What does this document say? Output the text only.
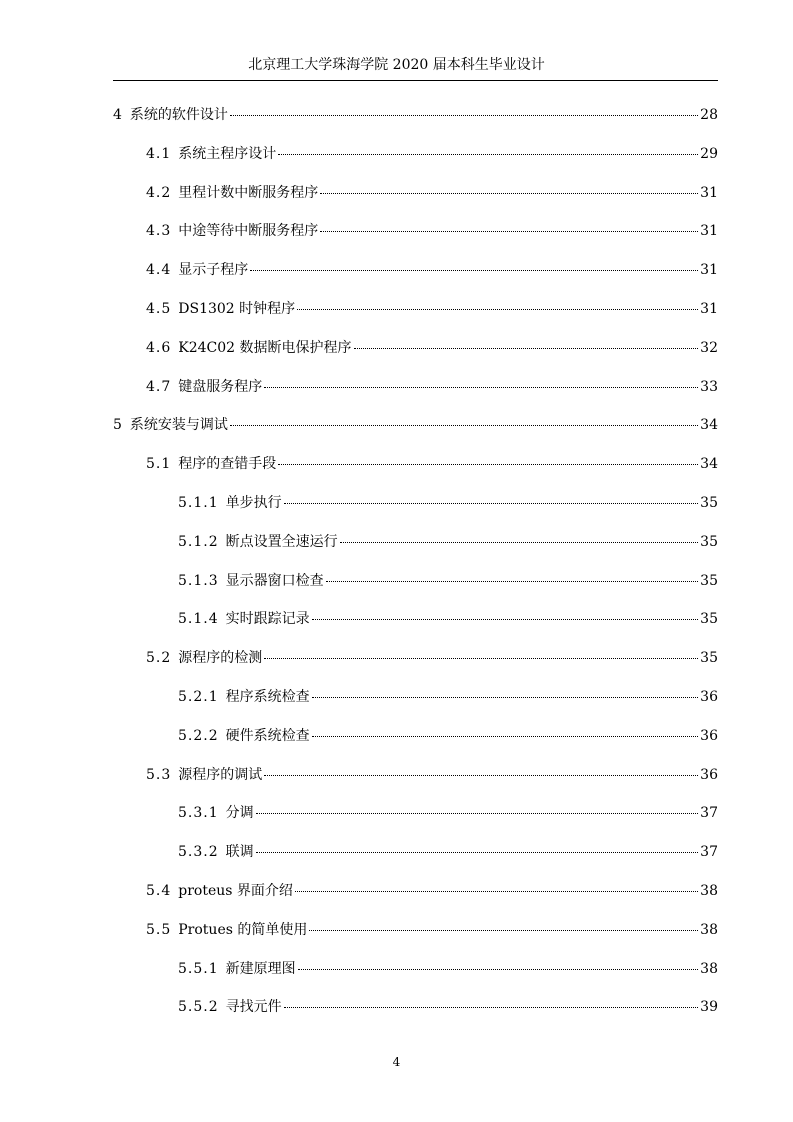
北京理工大学珠海学院 2020 届本科生毕业设计
4 系统的软件设计	28
4.1 系统主程序设计	29
4.2 里程计数中断服务程序	31
4.3 中途等待中断服务程序	31
4.4 显示子程序	31
4.5 DS1302 时钟程序	31
4.6 K24C02 数据断电保护程序	32
4.7 键盘服务程序	33
5 系统安装与调试	34
5.1 程序的查错手段	34
5.1.1 单步执行	35
5.1.2 断点设置全速运行	35
5.1.3 显示器窗口检查	35
5.1.4 实时跟踪记录	35
5.2 源程序的检测	35
5.2.1 程序系统检查	36
5.2.2 硬件系统检查	36
5.3 源程序的调试	36
5.3.1 分调	37
5.3.2 联调	37
5.4 proteus 界面介绍	38
5.5 Protues 的简单使用	38
5.5.1 新建原理图	38
5.5.2 寻找元件	39
4
